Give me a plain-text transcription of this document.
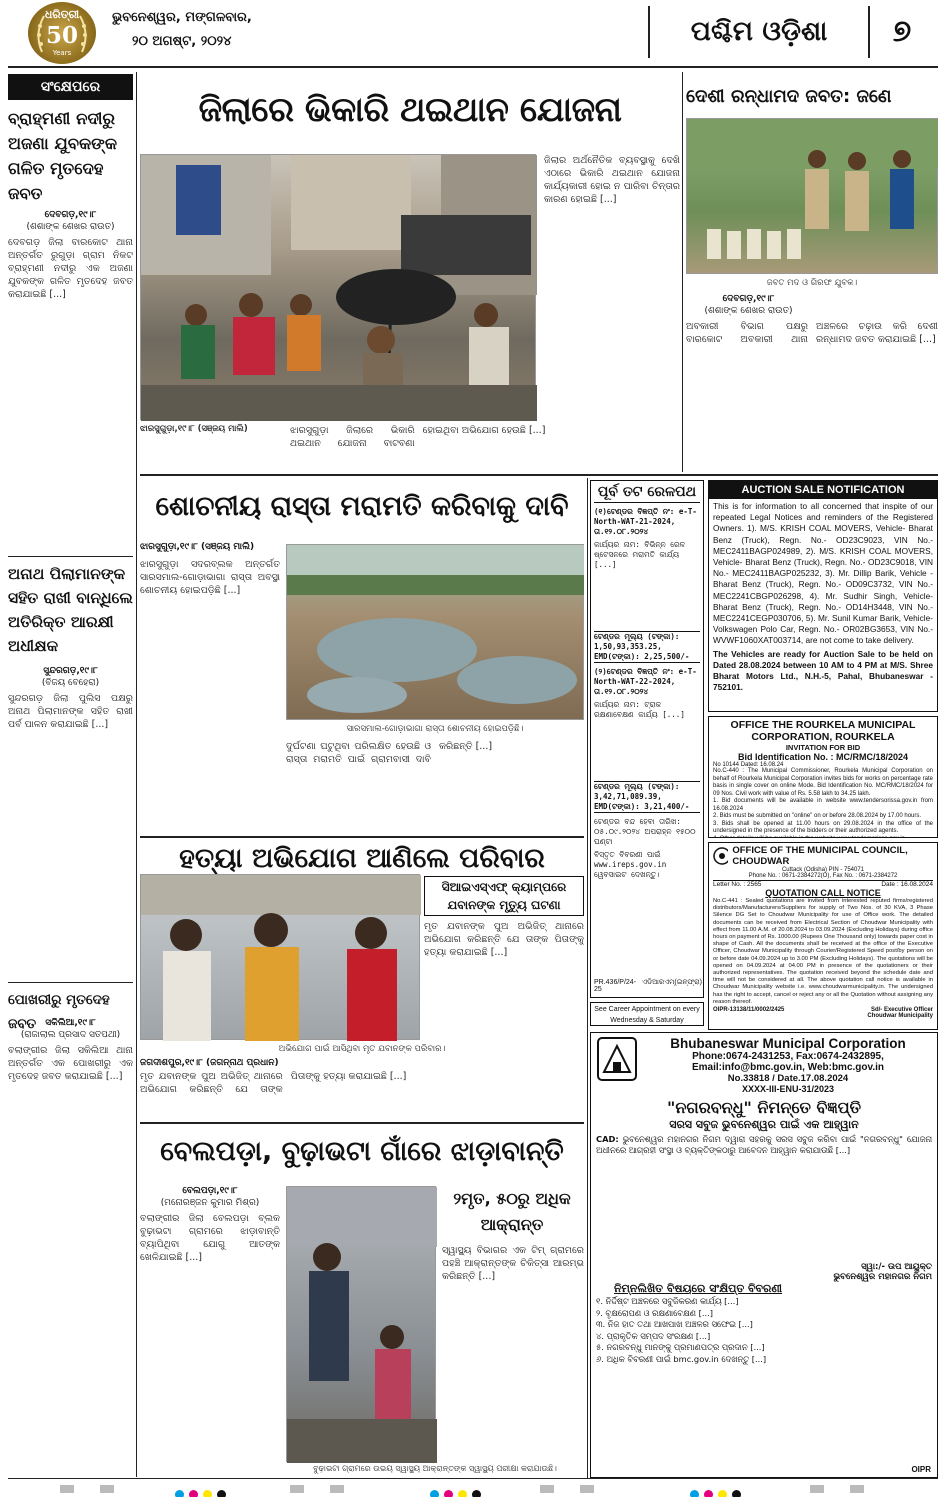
ଧରିତ୍ରୀ
50
Years
ଭୁବନେଶ୍ୱର, ମଙ୍ଗଳବାର,
୨୦ ଅଗଷ୍ଟ, ୨୦୨୪	ପଶ୍ଚିମ ଓଡ଼ିଶା	୭
ସଂକ୍ଷେପରେ
ବ୍ରାହ୍ମଣୀ ନଦୀରୁ ଅଜଣା ଯୁବକଙ୍କ ଗଳିତ ମୃତଦେହ ଜବତ
ଦେବଗଡ଼,୧୯।୮
(ଶଶାଙ୍କ ଶେଖର ରାଉତ)
ଦେବଗଡ଼ ଜିଲା ବାରକୋଟ ଥାନା ଅନ୍ତର୍ଗତ ରୁଗୁଡ଼ା ଗ୍ରାମ ନିକଟ ବ୍ରାହ୍ମଣୀ ନଦୀରୁ ଏକ ଅଜଣା ଯୁବକଙ୍କ ଗଳିତ ମୃତଦେହ ଜବତ କରାଯାଇଛି [...]
ଅନାଥ ପିଲାମାନଙ୍କ ସହିତ ରାଖୀ ବାନ୍ଧିଲେ ଅତିରିକ୍ତ ଆରକ୍ଷୀ ଅଧୀକ୍ଷକ
ସୁନ୍ଦରଗଡ଼,୧୯।୮
(ବିଜୟ ବେହେରା)
ସୁନ୍ଦରଗଡ଼ ଜିଲା ପୁଲିସ ପକ୍ଷରୁ ଅନାଥ ପିଲାମାନଙ୍କ ସହିତ ରାଖୀ ପର୍ବ ପାଳନ କରାଯାଇଛି [...]
ପୋଖରୀରୁ ମୃତଦେହ ଜବତ	ସକିଲିଆ,୧୯।୮
(ରାଜାଲାଲ ପ୍ରସାଦ ସତପଥୀ)
ବଲାଙ୍ଗୀର ଜିଲା ସକିଲିଆ ଥାନା ଅନ୍ତର୍ଗତ ଏକ ପୋଖରୀରୁ ଏକ ମୃତଦେହ ଜବତ କରାଯାଇଛି [...]
ଜିଲାରେ ଭିକାରି ଥଇଥାନ ଯୋଜନା
ଝାରସୁଗୁଡ଼ା,୧୯।୮ (ସଞ୍ଜୟ ମାଲି)
ଜିଲାର ଅର୍ଥନୈତିକ ବ୍ୟବସ୍ଥାକୁ ଦେଖି ଏଠାରେ ଭିକାରି ଥଇଥାନ ଯୋଜନା କାର୍ଯ୍ୟକାରୀ ହୋଇ ନ ପାରିବା ଚିନ୍ତାର କାରଣ ହୋଇଛି [...]
ଝାରସୁଗୁଡ଼ା ଜିଲାରେ ଭିକାରି ଥଇଥାନ ଯୋଜନା ବାଟବଣା ହୋଇଥିବା ଅଭିଯୋଗ ହେଉଛି [...]
ଦେଶୀ ରନ୍ଧାମଦ ଜବତ: ଜଣେ
ଜବତ ମଦ ଓ ଗିରଫ ଯୁବକ।
ଦେବଗଡ଼,୧୯।୮
(ଶଶାଙ୍କ ଶେଖର ରାଉତ)
ଅବକାରୀ ବିଭାଗ ପକ୍ଷରୁ ବାରକୋଟ ଅବକାରୀ ଥାନା ଅଞ୍ଚଳରେ ଚଢ଼ାଉ କରି ଦେଶୀ ରନ୍ଧାମଦ ଜବତ କରାଯାଇଛି [...]
ଶୋଚନୀୟ ରାସ୍ତା ମରାମତି କରିବାକୁ ଦାବି
ଝାରସୁଗୁଡ଼ା,୧୯।୮ (ସଞ୍ଜୟ ମାଲି)
ଝାରସୁଗୁଡ଼ା ସଦରବ୍ଲକ ଅନ୍ତର୍ଗତ ସାରସମାଲ-ଗୋଡ଼ାଭାଗା ରାସ୍ତା ଅବସ୍ଥା ଶୋଚନୀୟ ହୋଇପଡ଼ିଛି [...]
ସାରସମାଲ-ଗୋଡ଼ାଭାଗା ରାସ୍ତା ଶୋଚନୀୟ ହୋଇପଡ଼ିଛି।
ଦୁର୍ଘଟଣା ଘଟୁଥିବା ପରିଲକ୍ଷିତ ହେଉଛି ଓ ରାସ୍ତା ମରାମତି ପାଇଁ ଗ୍ରାମବାସୀ ଦାବି କରିଛନ୍ତି [...]
ହତ୍ୟା ଅଭିଯୋଗ ଆଣିଲେ ପରିବାର
ସିଆଇଏସ୍‌ଏଫ୍ କ୍ୟାମ୍ପରେ ଯବାନଙ୍କ ମୃତ୍ୟୁ ଘଟଣା
ମୃତ ଯବାନଙ୍କ ପୁଅ ଅଭିଜିତ୍ ଥାନାରେ ଅଭିଯୋଗ କରିଛନ୍ତି ଯେ ତାଙ୍କ ପିତାଙ୍କୁ ହତ୍ୟା କରାଯାଇଛି [...]
ଅଭିଯୋଗ ପାଇଁ ଆସିଥିବା ମୃତ ଯବାନଙ୍କ ପରିବାର।
ଜଗଦୀଶପୁର,୧୯।୮ (ଜଗନ୍ନାଥ ପ୍ରଧାନ)
ମୃତ ଯବାନଙ୍କ ପୁଅ ଅଭିଜିତ୍ ଥାନାରେ ଅଭିଯୋଗ କରିଛନ୍ତି ଯେ ତାଙ୍କ ପିତାଙ୍କୁ ହତ୍ୟା କରାଯାଇଛି [...]
ବେଲପଡ଼ା, ବୁଢ଼ାଭଟା ଗାଁରେ ଝାଡ଼ାବାନ୍ତି
୨ମୃତ, ୫୦ରୁ ଅଧିକ ଆକ୍ରାନ୍ତ
ବେଲପଡ଼ା,୧୯।୮
(ମନୋରଞ୍ଜନ କୁମାର ମିଶ୍ର)
ବଲାଙ୍ଗୀର ଜିଲା ବେଲପଡ଼ା ବ୍ଲକ ବୁଢ଼ାଭଟା ଗ୍ରାମରେ ଝାଡ଼ାବାନ୍ତି ବ୍ୟାପିଥିବା ଯୋଗୁ ଆତଙ୍କ ଖେଳିଯାଇଛି [...]
ବୁଢ଼ାଭଟା ଗ୍ରାମରେ ଉଭୟ ସ୍ୱାସ୍ଥ୍ୟ ଆକ୍ରାନ୍ତଙ୍କ ସ୍ୱାସ୍ଥ୍ୟ ପରୀକ୍ଷା କରାଯାଉଛି।
ସ୍ୱାସ୍ଥ୍ୟ ବିଭାଗର ଏକ ଟିମ୍ ଗ୍ରାମରେ ପହଞ୍ଚି ଆକ୍ରାନ୍ତଙ୍କ ଚିକିତ୍ସା ଆରମ୍ଭ କରିଛନ୍ତି [...]
ପୂର୍ବ ତଟ ରେଳପଥ
(୧)ଟେଣ୍ଡର ବିଜ୍ଞପ୍ତି ନଂ: e-T-North-WAT-21-2024, ତା.୧୨.୦୮.୨୦୨୪
କାର୍ଯ୍ୟର ନାମ: ବିଭିନ୍ନ ରେଳ ଷ୍ଟେସନରେ ମରାମତି କାର୍ଯ୍ୟ [...]
ଟେଣ୍ଡର ମୂଲ୍ୟ (ଟଙ୍କା): 1,50,93,353.25, EMD(ଟଙ୍କା): 2,25,500/-
(୨)ଟେଣ୍ଡର ବିଜ୍ଞପ୍ତି ନଂ: e-T-North-WAT-22-2024, ତା.୧୨.୦୮.୨୦୨୪
କାର୍ଯ୍ୟର ନାମ: ଟ୍ରାକ ରକ୍ଷଣାବେକ୍ଷଣ କାର୍ଯ୍ୟ [...]
ଟେଣ୍ଡର ମୂଲ୍ୟ (ଟଙ୍କା): 3,42,71,089.39, EMD(ଟଙ୍କା): 3,21,400/-
ଟେଣ୍ଡର ବନ୍ଦ ହେବା ତାରିଖ: ୦୫.୦୯.୨୦୨୪ ଅପରାହ୍ନ ୧୫୦୦ ଘଣ୍ଟା
ବିସ୍ତୃତ ବିବରଣୀ ପାଇଁ www.ireps.gov.in ୱେବସାଇଟ ଦେଖନ୍ତୁ।
PR.436/P/24-25
ଏଡିଆରଏମ୍(ଇନ୍‌ଫ୍ରା)
See Career Appointment on every Wednesday & Saturday
AUCTION SALE NOTIFICATION

This is for information to all concerned that inspite of our repeated Legal Notices and reminders of the Registered Owners. 1). M/S. KRISH COAL MOVERS, Vehicle- Bharat Benz (Truck), Regn. No.- OD23C9023, VIN No.- MEC2411BAGP024989, 2). M/S. KRISH COAL MOVERS, Vehicle- Bharat Benz (Truck), Regn. No.- OD23C9018, VIN No.- MEC2411BAGP025232, 3). Mr. Dillip Barik, Vehicle - Bharat Benz (Truck), Regn. No.- OD09C3732, VIN No.- MEC2241CBGP026298, 4). Mr. Sudhir Singh, Vehicle- Bharat Benz (Truck), Regn. No.- OD14H3448, VIN No.- MEC2241CEGP030706, 5). Mr. Sunil Kumar Barik, Vehicle- Volkswagen Polo Car, Regn. No.- OR02BG3653, VIN No.- WVWF1060XAT003714, are not come to take delivery.

The Vehicles are ready for Auction Sale to be held on Dated 28.08.2024 between 10 AM to 4 PM at M/S. Shree Bharat Motors Ltd., N.H.-5, Pahal, Bhubaneswar - 752101.

OFFICE THE ROURKELA MUNICIPAL CORPORATION, ROURKELA
INVITATION FOR BID
Bid Identification No. : MC/RMC/18/2024
No 10144 Dated: 16.08.24

No.C-440 : The Municipal Commissioner, Rourkela Municipal Corporation on behalf of Rourkela Municipal Corporation invites bids for works on percentage rate basis in single cover on online Mode. Bid Identification No. MC/RMC/18/2024 for 09 Nos. Civil work with value of Rs. 5.58 lakh to 34.25 lakh.

1. Bid documents will be available in website www.tendersorissa.gov.in from 16.08.2024

2. Bids must be submitted on "online" on or before 28.08.2024 by 17.00 hours.

3. Bids shall be opened at 11.00 hours on 29.08.2024 in the office of the undersigned in the presence of the bidders or their authorized agents.

OFFICE OF THE MUNICIPAL COUNCIL, CHOUDWAR
Cuttack (Odisha) PIN - 754071
Phone No. : 0671-2384272(O), Fax No. : 0671-2384272
Letter No. : 2565	Date : 16.08.2024
QUOTATION CALL NOTICE

No.C-441 : Sealed quotations are invited from interested reputed firms/registered distributors/Manufacturers/Suppliers for supply of Two Nos. of 30 KVA, 3 Phase Silence DG Set to Choudwar Municipality for use of Office work. The detailed documents can be received from Electrical Section of Choudwar Municipality with effect from 11.00 A.M. of 20.08.2024 to 03.09.2024 (Excluding Holidays) during office hours on payment of Rs. 1000.00 (Rupees One Thousand only) towards paper cost in shape of Cash. All the documents shall be received at the office of the Executive Officer, Choudwar Municipality through Courier/Registered Speed post/by person on or before date 04.09.2024 up to 3.00 PM (Excluding Holidays). The quotations will be opened on 04.09.2024 at 04.00 PM in presence of the quotationers or their authorized representatives. The quotation received beyond the schedule date and time will not be considered at all. The above quotation call notice is available in Choudwar Municipality website i.e. www.choudwarmunicipality.in. The undersigned has the right to accept, cancel or reject any or all the Quotation without assigning any reason thereof.

OIPR-13138/11/0002/2425	Sd/- Executive Officer
Choudwar Municipality
Bhubaneswar Municipal Corporation
Phone:0674-2431253, Fax:0674-2432895,
Email:info@bmc.gov.in, Web:bmc.gov.in
No.33818 / Date.17.08.2024
XXXX-III-ENU-31/2023
"ନଗରବନ୍ଧୁ" ନିମନ୍ତେ ବିଜ୍ଞପ୍ତି
ସରସ ସବୁଜ ଭୁବନେଶ୍ୱର ପାଇଁ ଏକ ଆହ୍ୱାନ

CAD: ଭୁବନେଶ୍ୱର ମହାନଗର ନିଗମ ଦ୍ୱାରା ସହରକୁ ସରସ ସବୁଜ କରିବା ପାଇଁ "ନଗରବନ୍ଧୁ" ଯୋଜନା ଅଧୀନରେ ଆଗ୍ରହୀ ସଂସ୍ଥା ଓ ବ୍ୟକ୍ତିଙ୍କଠାରୁ ଆବେଦନ ଆହ୍ୱାନ କରାଯାଉଛି [...]

ସ୍ୱା:/- ଉପ ଆୟୁକ୍ତ
ଭୁବନେଶ୍ୱର ମହାନଗର ନିଗମ
ନିମ୍ନଲିଖିତ ବିଷୟରେ ସଂକ୍ଷିପ୍ତ ବିବରଣୀ
୧. ନିର୍ଦ୍ଦିଷ୍ଟ ଅଞ୍ଚଳରେ ସବୁଜିକରଣ କାର୍ଯ୍ୟ [...]
୨. ବୃକ୍ଷରୋପଣ ଓ ରକ୍ଷଣାବେକ୍ଷଣ [...]
୩. ନିଜ ହାତ ତଥା ଆଖପାଖ ଅଞ୍ଚଳର ସଫେଇ [...]
୪. ପ୍ରାକୃତିକ ସମ୍ପଦ ସଂରକ୍ଷଣ [...]
୫. ନଗରବନ୍ଧୁ ମାନଙ୍କୁ ପ୍ରମାଣପତ୍ର ପ୍ରଦାନ [...]
୬. ଅଧିକ ବିବରଣୀ ପାଇଁ bmc.gov.in ଦେଖନ୍ତୁ [...]
OIPR
